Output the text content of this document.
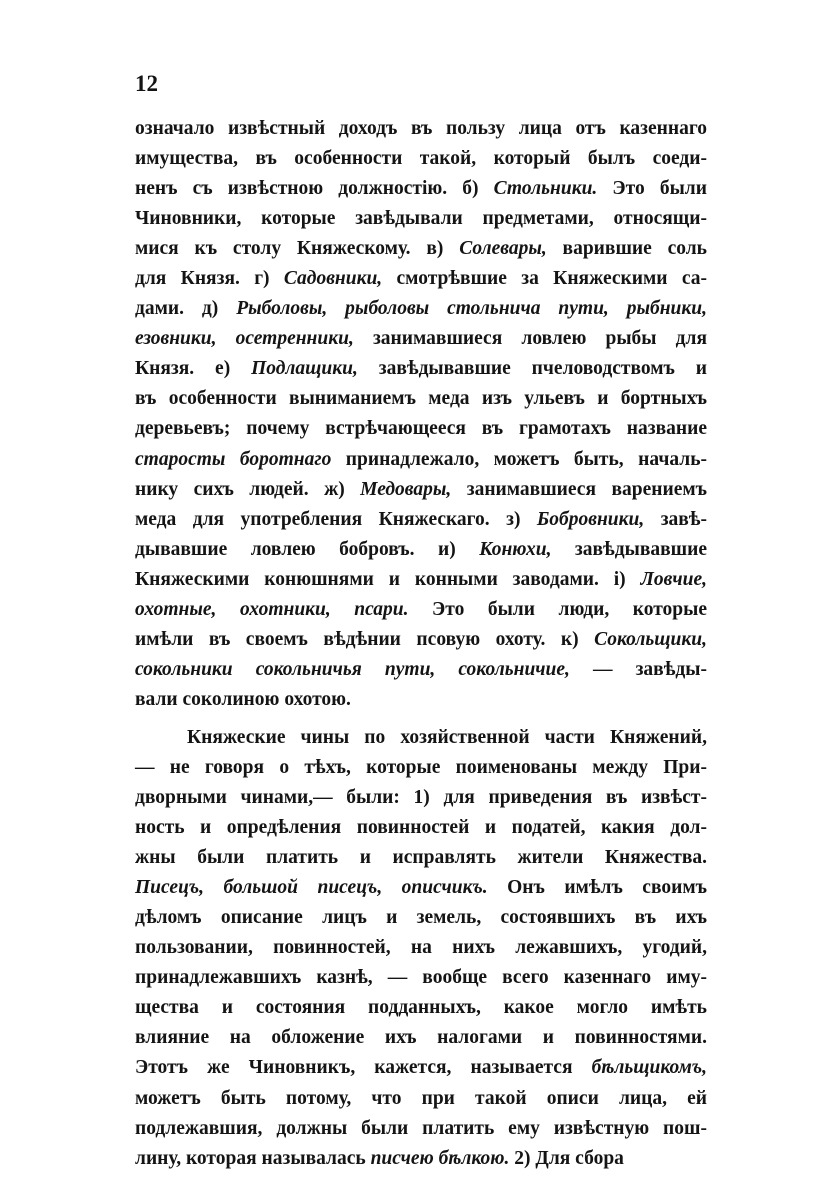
12
означало извѣстный доходъ въ пользу лица отъ казеннаго
имущества, въ особенности такой, который былъ соеди-
ненъ съ извѣстною должностію. б) Стольники. Это были
Чиновники, которые завѣдывали предметами, относящи-
мися къ столу Княжескому. в) Солевары, варившие соль
для Князя. г) Садовники, смотрѣвшие за Княжескими са-
дами. д) Рыболовы, рыболовы стольнича пути, рыбники,
езовники, осетренники, занимавшиеся ловлею рыбы для
Князя. е) Подлащики, завѣдывавшие пчеловодствомъ и
въ особенности выниманиемъ меда изъ ульевъ и бортныхъ
деревьевъ; почему встрѣчающееся въ грамотахъ название
старосты боротнаго принадлежало, можетъ быть, началь-
нику сихъ людей. ж) Медовары, занимавшиеся варениемъ
меда для употребления Княжескаго. з) Бобровники, завѣ-
дывавшие ловлею бобровъ. и) Конюхи, завѣдывавшие
Княжескими конюшнями и конными заводами. і) Ловчие,
охотные, охотники, псари. Это были люди, которые
имѣли въ своемъ вѣдѣнии псовую охоту. к) Сокольщики,
сокольники сокольничья пути, сокольничие, — завѣды-
вали соколиною охотою.
Княжеские чины по хозяйственной части Княжений,
— не говоря о тѣхъ, которые поименованы между При-
дворными чинами,— были: 1) для приведения въ извѣст-
ность и опредѣления повинностей и податей, какия дол-
жны были платить и исправлять жители Княжества.
Писецъ, большой писецъ, описчикъ. Онъ имѣлъ своимъ
дѣломъ описание лицъ и земель, состоявшихъ въ ихъ
пользовании, повинностей, на нихъ лежавшихъ, угодий,
принадлежавшихъ казнѣ, — вообще всего казеннаго иму-
щества и состояния подданныхъ, какое могло имѣть
влияние на обложение ихъ налогами и повинностями.
Этотъ же Чиновникъ, кажется, называется бѣльщикомъ,
можетъ быть потому, что при такой описи лица, ей
подлежавшия, должны были платить ему извѣстную пош-
лину, которая называлась писчею бѣлкою. 2) Для сбора
